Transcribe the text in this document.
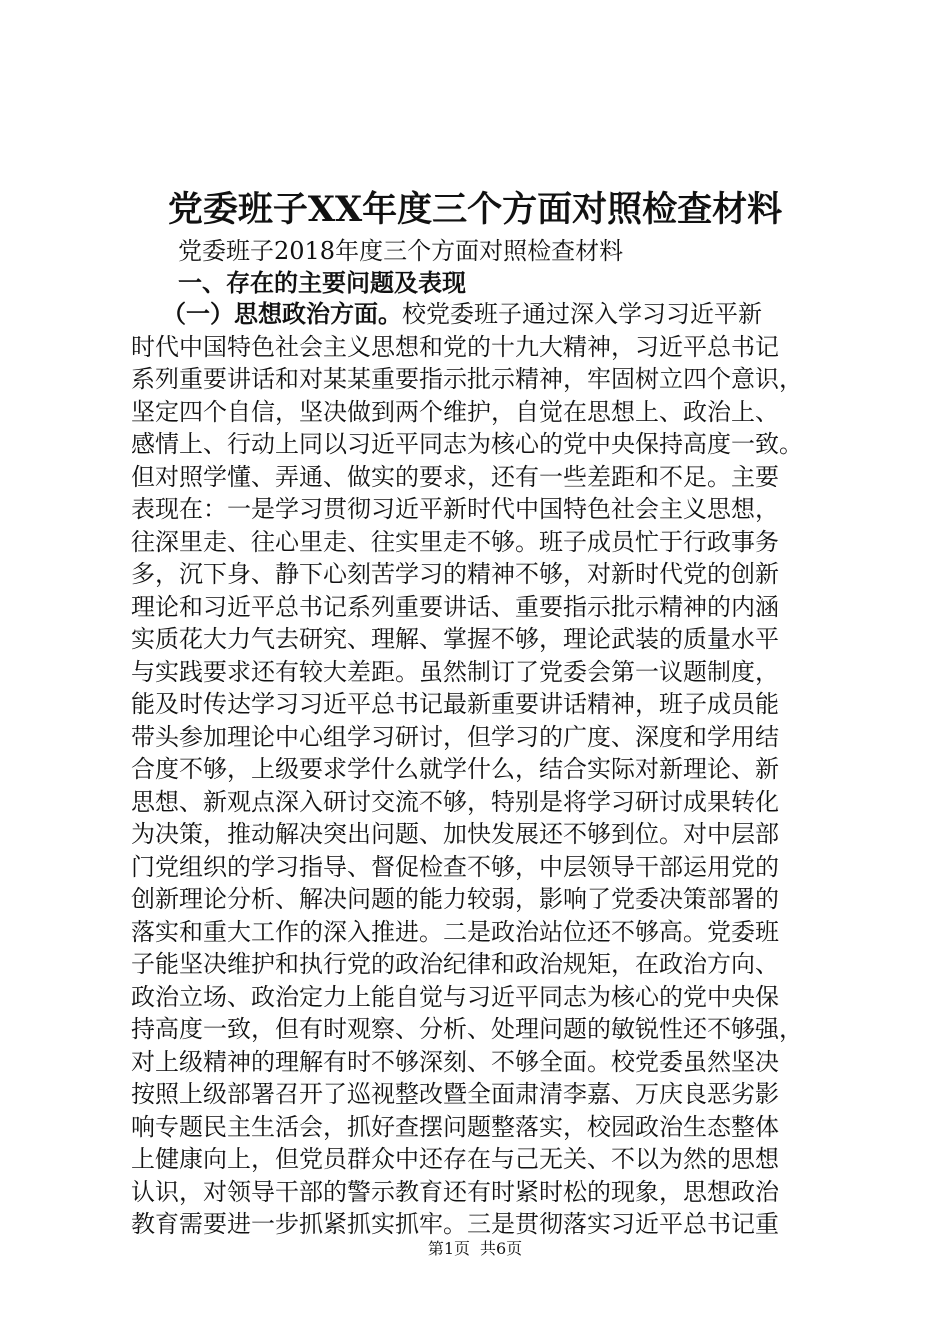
党委班子XX年度三个方面对照检查材料
党委班子2018年度三个方面对照检查材料
一、存在的主要问题及表现
（一）思想政治方面。校党委班子通过深入学习习近平新
时代中国特色社会主义思想和党的十九大精神，习近平总书记
系列重要讲话和对某某重要指示批示精神，牢固树立四个意识，
坚定四个自信，坚决做到两个维护，自觉在思想上、政治上、
感情上、行动上同以习近平同志为核心的党中央保持高度一致。
但对照学懂、弄通、做实的要求，还有一些差距和不足。主要
表现在：一是学习贯彻习近平新时代中国特色社会主义思想，
往深里走、往心里走、往实里走不够。班子成员忙于行政事务
多，沉下身、静下心刻苦学习的精神不够，对新时代党的创新
理论和习近平总书记系列重要讲话、重要指示批示精神的内涵
实质花大力气去研究、理解、掌握不够，理论武装的质量水平
与实践要求还有较大差距。虽然制订了党委会第一议题制度，
能及时传达学习习近平总书记最新重要讲话精神，班子成员能
带头参加理论中心组学习研讨，但学习的广度、深度和学用结
合度不够，上级要求学什么就学什么，结合实际对新理论、新
思想、新观点深入研讨交流不够，特别是将学习研讨成果转化
为决策，推动解决突出问题、加快发展还不够到位。对中层部
门党组织的学习指导、督促检查不够，中层领导干部运用党的
创新理论分析、解决问题的能力较弱，影响了党委决策部署的
落实和重大工作的深入推进。二是政治站位还不够高。党委班
子能坚决维护和执行党的政治纪律和政治规矩，在政治方向、
政治立场、政治定力上能自觉与习近平同志为核心的党中央保
持高度一致，但有时观察、分析、处理问题的敏锐性还不够强，
对上级精神的理解有时不够深刻、不够全面。校党委虽然坚决
按照上级部署召开了巡视整改暨全面肃清李嘉、万庆良恶劣影
响专题民主生活会，抓好查摆问题整落实，校园政治生态整体
上健康向上，但党员群众中还存在与己无关、不以为然的思想
认识，对领导干部的警示教育还有时紧时松的现象，思想政治
教育需要进一步抓紧抓实抓牢。三是贯彻落实习近平总书记重
第1页 共6页
